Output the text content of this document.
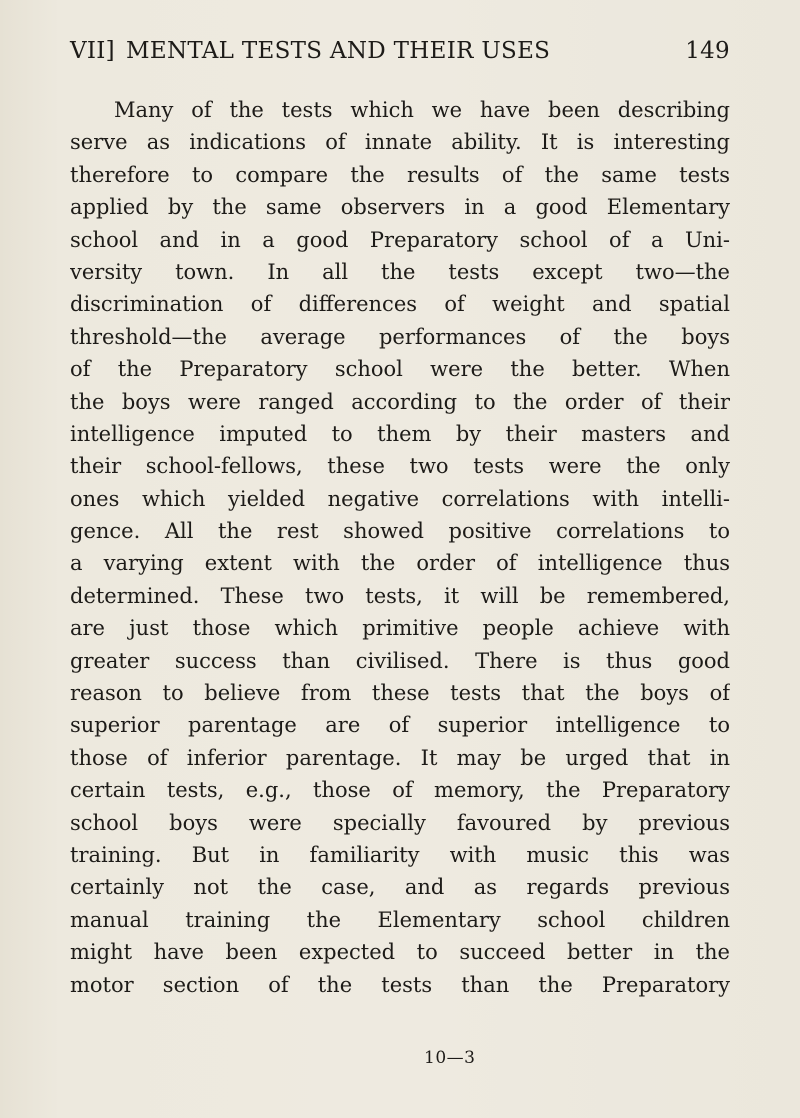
VII] MENTAL TESTS AND THEIR USES	149
Many of the tests which we have been describing
serve as indications of innate ability. It is interesting
therefore to compare the results of the same tests
applied by the same observers in a good Elementary
school and in a good Preparatory school of a Uni-
versity town. In all the tests except two—the
discrimination of differences of weight and spatial
threshold—the average performances of the boys
of the Preparatory school were the better. When
the boys were ranged according to the order of their
intelligence imputed to them by their masters and
their school-fellows, these two tests were the only
ones which yielded negative correlations with intelli-
gence. All the rest showed positive correlations to
a varying extent with the order of intelligence thus
determined. These two tests, it will be remembered,
are just those which primitive people achieve with
greater success than civilised. There is thus good
reason to believe from these tests that the boys of
superior parentage are of superior intelligence to
those of inferior parentage. It may be urged that in
certain tests, e.g., those of memory, the Preparatory
school boys were specially favoured by previous
training. But in familiarity with music this was
certainly not the case, and as regards previous
manual training the Elementary school children
might have been expected to succeed better in the
motor section of the tests than the Preparatory
10—3
